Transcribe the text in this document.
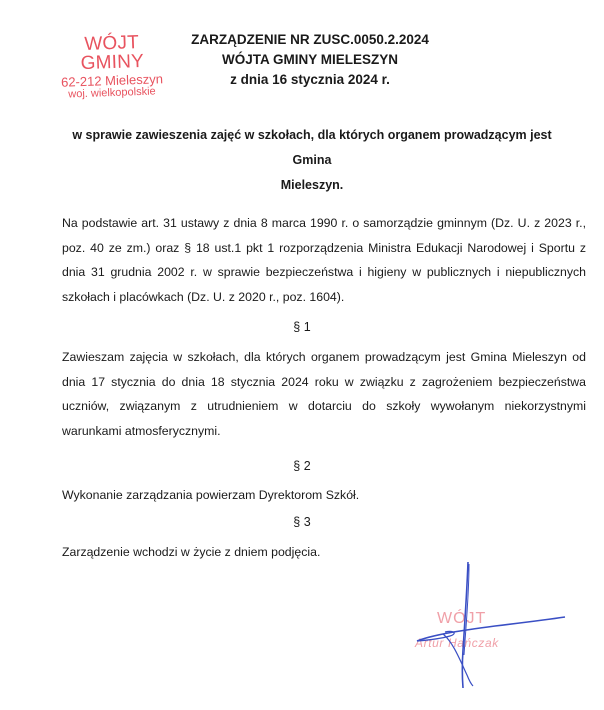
WÓJT GMINY
62-212 Mieleszyn
woj. wielkopolskie
ZARZĄDZENIE NR ZUSC.0050.2.2024
WÓJTA GMINY MIELESZYN
z dnia 16 stycznia 2024 r.
w sprawie zawieszenia zajęć w szkołach, dla których organem prowadzącym jest Gmina
Mieleszyn.

Na podstawie art. 31 ustawy z dnia 8 marca 1990 r. o samorządzie gminnym (Dz. U. z 2023 r., poz. 40 ze zm.) oraz § 18 ust.1 pkt 1 rozporządzenia Ministra Edukacji Narodowej i Sportu z dnia 31 grudnia 2002 r. w sprawie bezpieczeństwa i higieny w publicznych i niepublicznych szkołach i placówkach (Dz. U. z 2020 r., poz. 1604).

§ 1

Zawieszam zajęcia w szkołach, dla których organem prowadzącym jest Gmina Mieleszyn od dnia 17 stycznia do dnia 18 stycznia 2024 roku w związku z zagrożeniem bezpieczeństwa uczniów, związanym z utrudnieniem w dotarciu do szkoły wywołanym niekorzystnymi warunkami atmosferycznymi.

§ 2

Wykonanie zarządzania powierzam Dyrektorom Szkół.

§ 3

Zarządzenie wchodzi w życie z dniem podjęcia.

WÓJT
Artur Hańczak
